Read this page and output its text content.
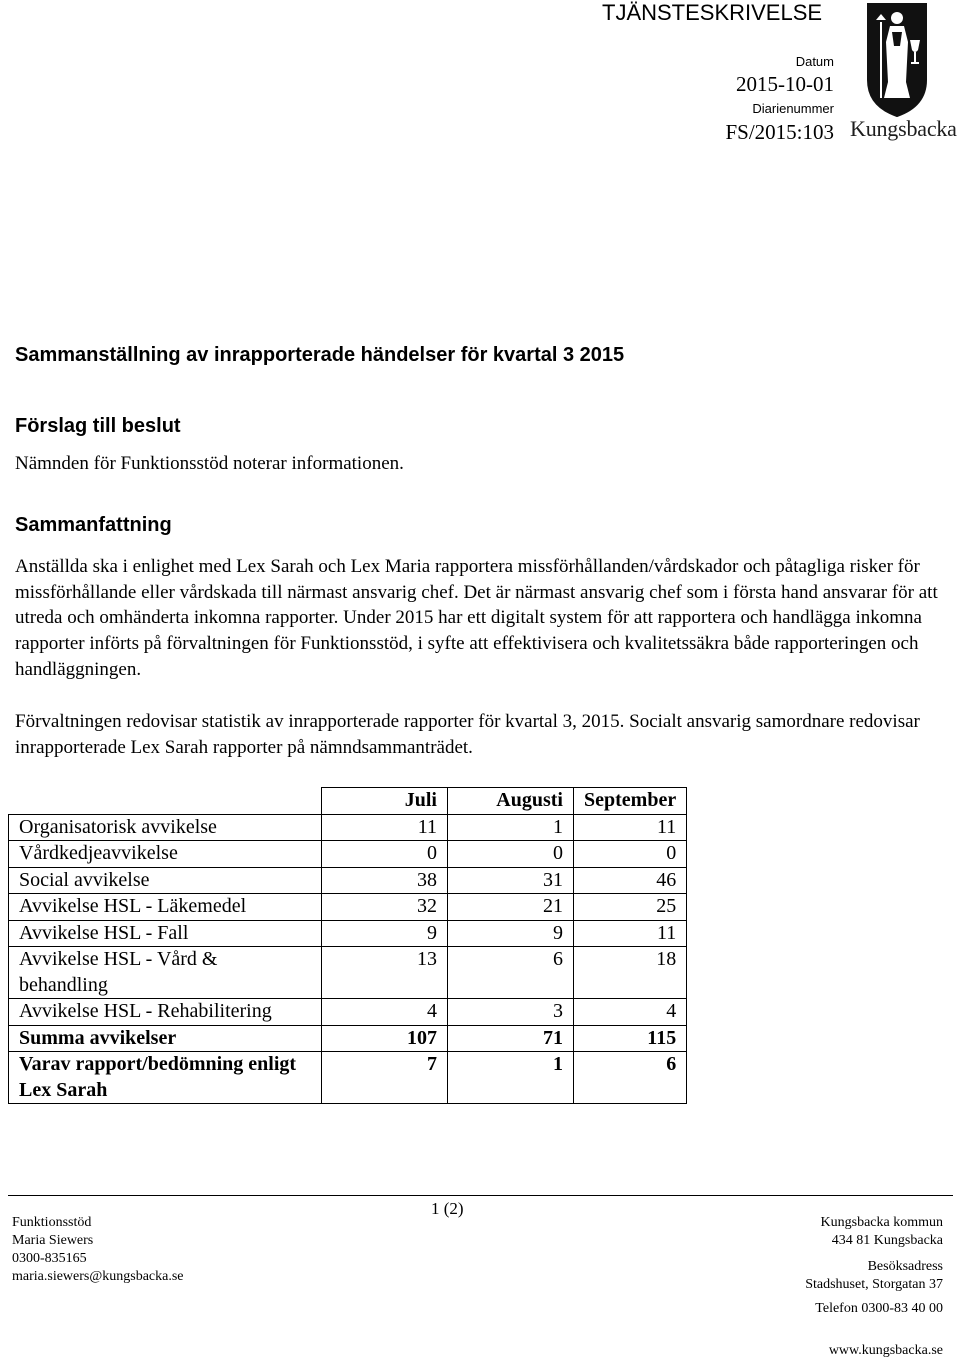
TJÄNSTESKRIVELSE
Datum
2015-10-01
Diarienummer
FS/2015:103 Kungsbacka
Sammanställning av inrapporterade händelser för kvartal 3 2015
Förslag till beslut
Nämnden för Funktionsstöd noterar informationen.
Sammanfattning

Anställda ska i enlighet med Lex Sarah och Lex Maria rapportera missförhållanden/vårdskador och påtagliga risker för missförhållande eller vårdskada till närmast ansvarig chef. Det är närmast ansvarig chef som i första hand ansvarar för att utreda och omhänderta inkomna rapporter. Under 2015 har ett digitalt system för att rapportera och handlägga inkomna rapporter införts på förvaltningen för Funktionsstöd, i syfte att effektivisera och kvalitetssäkra både rapporteringen och handläggningen.

Förvaltningen redovisar statistik av inrapporterade rapporter för kvartal 3, 2015. Socialt ansvarig samordnare redovisar inrapporterade Lex Sarah rapporter på nämndsammanträdet.

	Juli	Augusti	September
Organisatorisk avvikelse	11	1	11
Vårdkedjeavvikelse	0	0	0
Social avvikelse	38	31	46
Avvikelse HSL - Läkemedel	32	21	25
Avvikelse HSL - Fall	9	9	11
Avvikelse HSL - Vård & behandling	13	6	18
Avvikelse HSL - Rehabilitering	4	3	4
Summa avvikelser	107	71	115
Varav rapport/bedömning enligt Lex Sarah	7	1	6
1 (2)
Funktionsstöd
Maria Siewers
0300-835165
maria.siewers@kungsbacka.se
Kungsbacka kommun
434 81 Kungsbacka
Besöksadress
Stadshuset, Storgatan 37
Telefon 0300-83 40 00
www.kungsbacka.se
